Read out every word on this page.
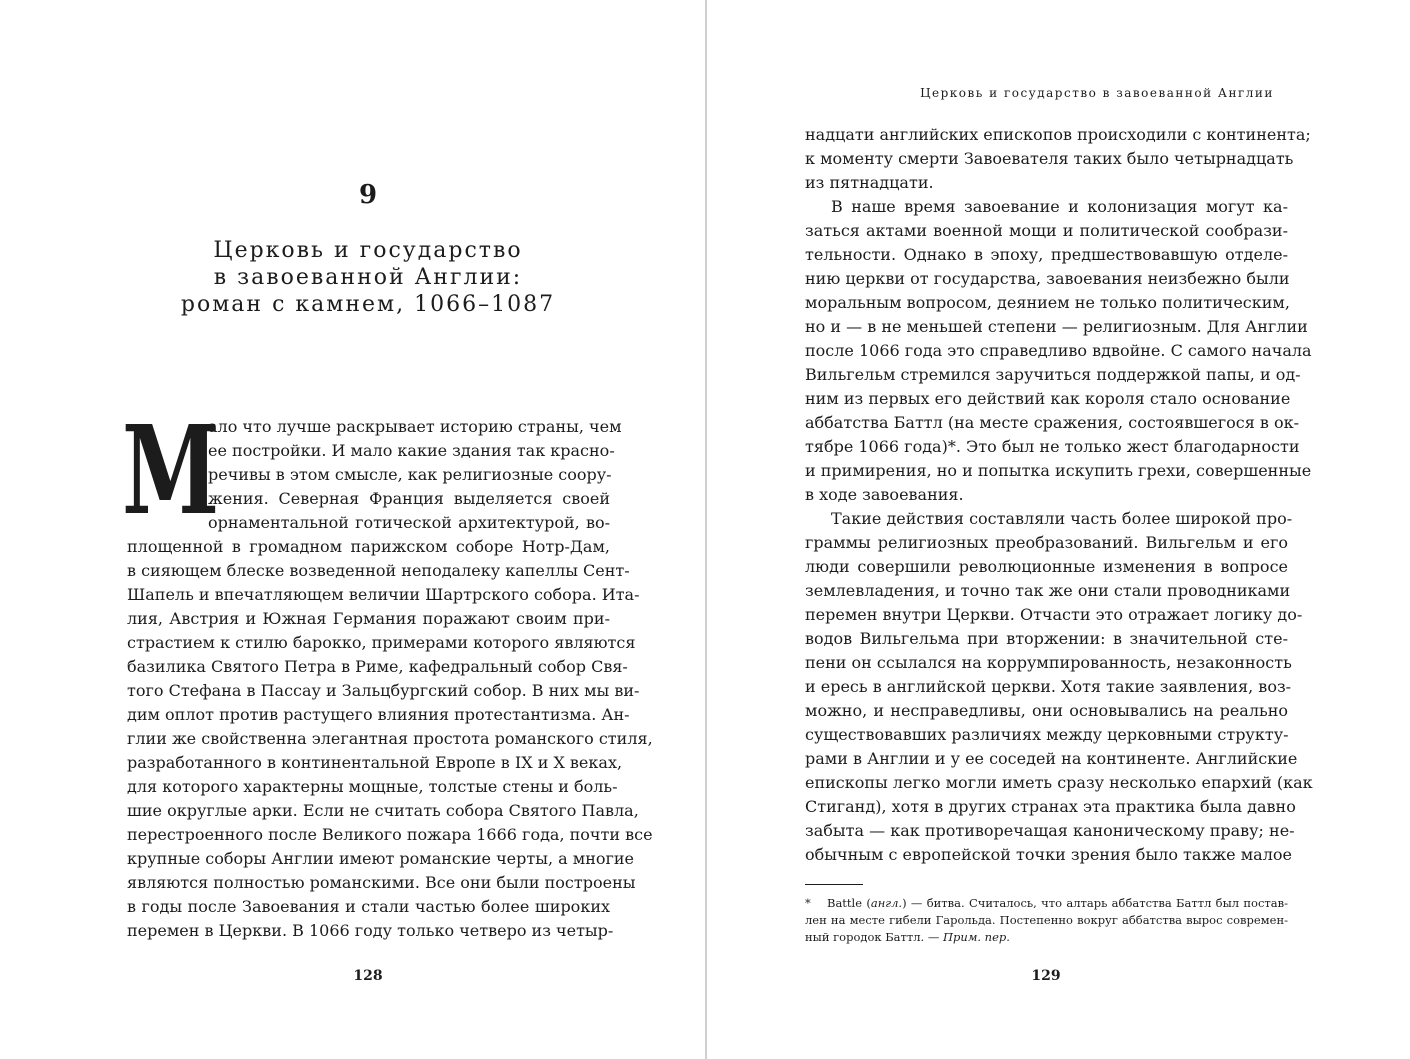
9
Церковь и государство
в завоеванной Англии:
роман с камнем, 1066–1087
М
ало что лучше раскрывает историю страны, чем
ее постройки. И мало какие здания так красно-
речивы в этом смысле, как религиозные соору-
жения. Северная Франция выделяется своей
орнаментальной готической архитектурой, во-
площенной в громадном парижском соборе Нотр-Дам,
в сияющем блеске возведенной неподалеку капеллы Сент-
Шапель и впечатляющем величии Шартрского собора. Ита-
лия, Австрия и Южная Германия поражают своим при-
страстием к стилю барокко, примерами которого являются
базилика Святого Петра в Риме, кафедральный собор Свя-
того Стефана в Пассау и Зальцбургский собор. В них мы ви-
дим оплот против растущего влияния протестантизма. Ан-
глии же свойственна элегантная простота романского стиля,
разработанного в континентальной Европе в IX и X веках,
для которого характерны мощные, толстые стены и боль-
шие округлые арки. Если не считать собора Святого Павла,
перестроенного после Великого пожара 1666 года, почти все
крупные соборы Англии имеют романские черты, а многие
являются полностью романскими. Все они были построены
в годы после Завоевания и стали частью более широких
перемен в Церкви. В 1066 году только четверо из четыр-
128
Церковь и государство в завоеванной Англии
надцати английских епископов происходили с континента;
к моменту смерти Завоевателя таких было четырнадцать
из пятнадцати.
В наше время завоевание и колонизация могут ка-
заться актами военной мощи и политической сообрази-
тельности. Однако в эпоху, предшествовавшую отделе-
нию церкви от государства, завоевания неизбежно были
моральным вопросом, деянием не только политическим,
но и — в не меньшей степени — религиозным. Для Англии
после 1066 года это справедливо вдвойне. С самого начала
Вильгельм стремился заручиться поддержкой папы, и од-
ним из первых его действий как короля стало основание
аббатства Баттл (на месте сражения, состоявшегося в ок-
тябре 1066 года)*. Это был не только жест благодарности
и примирения, но и попытка искупить грехи, совершенные
в ходе завоевания.
Такие действия составляли часть более широкой про-
граммы религиозных преобразований. Вильгельм и его
люди совершили революционные изменения в вопросе
землевладения, и точно так же они стали проводниками
перемен внутри Церкви. Отчасти это отражает логику до-
водов Вильгельма при вторжении: в значительной сте-
пени он ссылался на коррумпированность, незаконность
и ересь в английской церкви. Хотя такие заявления, воз-
можно, и несправедливы, они основывались на реально
существовавших различиях между церковными структу-
рами в Англии и у ее соседей на континенте. Английские
епископы легко могли иметь сразу несколько епархий (как
Стиганд), хотя в других странах эта практика была давно
забыта — как противоречащая каноническому праву; не-
обычным с европейской точки зрения было также малое
* Battle (англ.) — битва. Считалось, что алтарь аббатства Баттл был постав-
лен на месте гибели Гарольда. Постепенно вокруг аббатства вырос современ-
ный городок Баттл. — Прим. пер.
129
